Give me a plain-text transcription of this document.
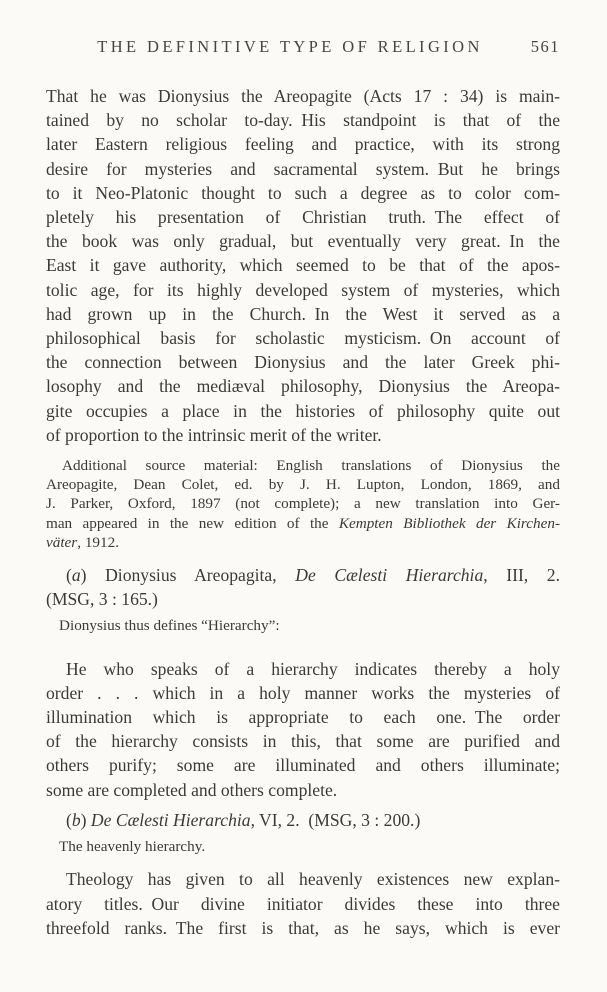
THE DEFINITIVE TYPE OF RELIGION	561
That he was Dionysius the Areopagite (Acts 17 : 34) is main-
tained by no scholar to-day. His standpoint is that of the
later Eastern religious feeling and practice, with its strong
desire for mysteries and sacramental system. But he brings
to it Neo-Platonic thought to such a degree as to color com-
pletely his presentation of Christian truth. The effect of
the book was only gradual, but eventually very great. In the
East it gave authority, which seemed to be that of the apos-
tolic age, for its highly developed system of mysteries, which
had grown up in the Church. In the West it served as a
philosophical basis for scholastic mysticism. On account of
the connection between Dionysius and the later Greek phi-
losophy and the mediæval philosophy, Dionysius the Areopa-
gite occupies a place in the histories of philosophy quite out
of proportion to the intrinsic merit of the writer.
Additional source material: English translations of Dionysius the
Areopagite, Dean Colet, ed. by J. H. Lupton, London, 1869, and
J. Parker, Oxford, 1897 (not complete); a new translation into Ger-
man appeared in the new edition of the Kempten Bibliothek der Kirchen-
väter, 1912.
(a) Dionysius Areopagita, De Cælesti Hierarchia, III, 2.
(MSG, 3 : 165.)
Dionysius thus defines “Hierarchy”:
He who speaks of a hierarchy indicates thereby a holy
order . . . which in a holy manner works the mysteries of
illumination which is appropriate to each one. The order
of the hierarchy consists in this, that some are purified and
others purify; some are illuminated and others illuminate;
some are completed and others complete.
(b) De Cælesti Hierarchia, VI, 2. (MSG, 3 : 200.)
The heavenly hierarchy.
Theology has given to all heavenly existences new explan-
atory titles. Our divine initiator divides these into three
threefold ranks. The first is that, as he says, which is ever
